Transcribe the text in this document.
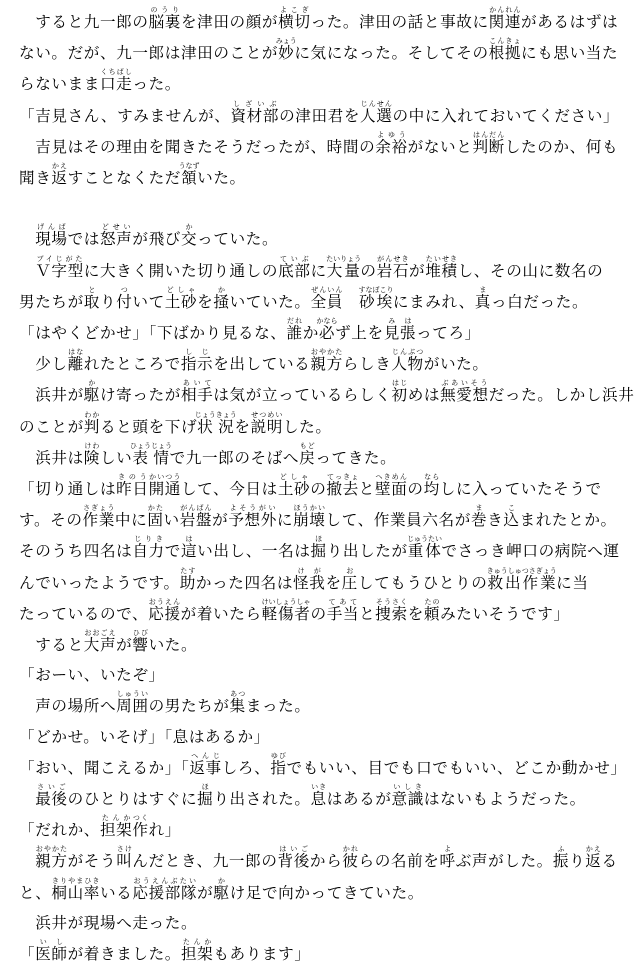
　すると九一郎の脳裏のうりを津田の顔が横切よこぎった。津田の話と事故に関連かんれんがあるはずは

ない。だが、九一郎は津田のことが妙みょうに気になった。そしてその根拠こんきょにも思い当た

らないまま口走くちばしった。

「吉見さん、すみませんが、資材部しざいぶの津田君を人選じんせんの中に入れておいてください」

　吉見はその理由を聞きたそうだったが、時間の余裕よゆうがないと判断はんだんしたのか、何も

聞き返かえすことなくただ頷うなずいた。

　現場げんばでは怒声どせいが飛び交かっていた。

　Ｖ字型ブイじがたに大きく開いた切り通しの底部ていぶに大量たいりょうの岩石がんせきが堆積たいせきし、その山に数名の

男たちが取とり付ついて土砂どしゃを掻かいていた。全員ぜんいん　砂埃すなぼこりにまみれ、真まっ白だった。

「はやくどかせ」「下ばかり見るな、誰だれか必かならず上を見張みはってろ」

　少し離はなれたところで指示しじを出している親方おやかたらしき人物じんぶつがいた。

　浜井が駆かけ寄ったが相手あいては気が立っているらしく初はじめは無愛想ぶあいそうだった。しかし浜井

のことが判わかると頭を下げ状況じょうきょうを説明せつめいした。

　浜井は険けわしい表情ひょうじょうで九一郎のそばへ戻もどってきた。

「切り通しは昨日きのう開通かいつうして、今日は土砂どしゃの撤去てっきょと壁面へきめんの均ならしに入っていたそうで

す。その作業さぎょう中に固かたい岩盤がんばんが予想外よそうがいに崩壊ほうかいして、作業員六名が巻まき込こまれたとか。

そのうち四名は自力じりきで這はい出し、一名は掘ほり出したが重体じゅうたいでさっき岬口の病院へ運

んでいったようです。助たすかった四名は怪我けがを圧おしてもうひとりの救出作業きゅうしゅつさぎょうに当

たっているので、応援おうえんが着いたら軽傷者けいしょうしゃの手当てあてと捜索そうさくを頼たのみたいそうです」

　すると大声おおごえが響ひびいた。

「おーい、いたぞ」

　声の場所へ周囲しゅういの男たちが集あつまった。

「どかせ。いそげ」「息はあるか」

「おい、聞こえるか」「返事へんじしろ、指ゆびでもいい、目でも口でもいい、どこか動かせ」

　最後さいごのひとりはすぐに掘ほり出された。息いきはあるが意識いしきはないもようだった。

「だれか、担架たんか作つくれ」

　親方おやかたがそう叫さけんだとき、九一郎の背後はいごから彼かれらの名前を呼よぶ声がした。振ふり返かえる

と、桐山きりやま率ひきいる応援部隊おうえんぶたいが駆かけ足で向かってきていた。

　浜井が現場へ走った。

「医師いしが着きました。担架たんかもあります」
